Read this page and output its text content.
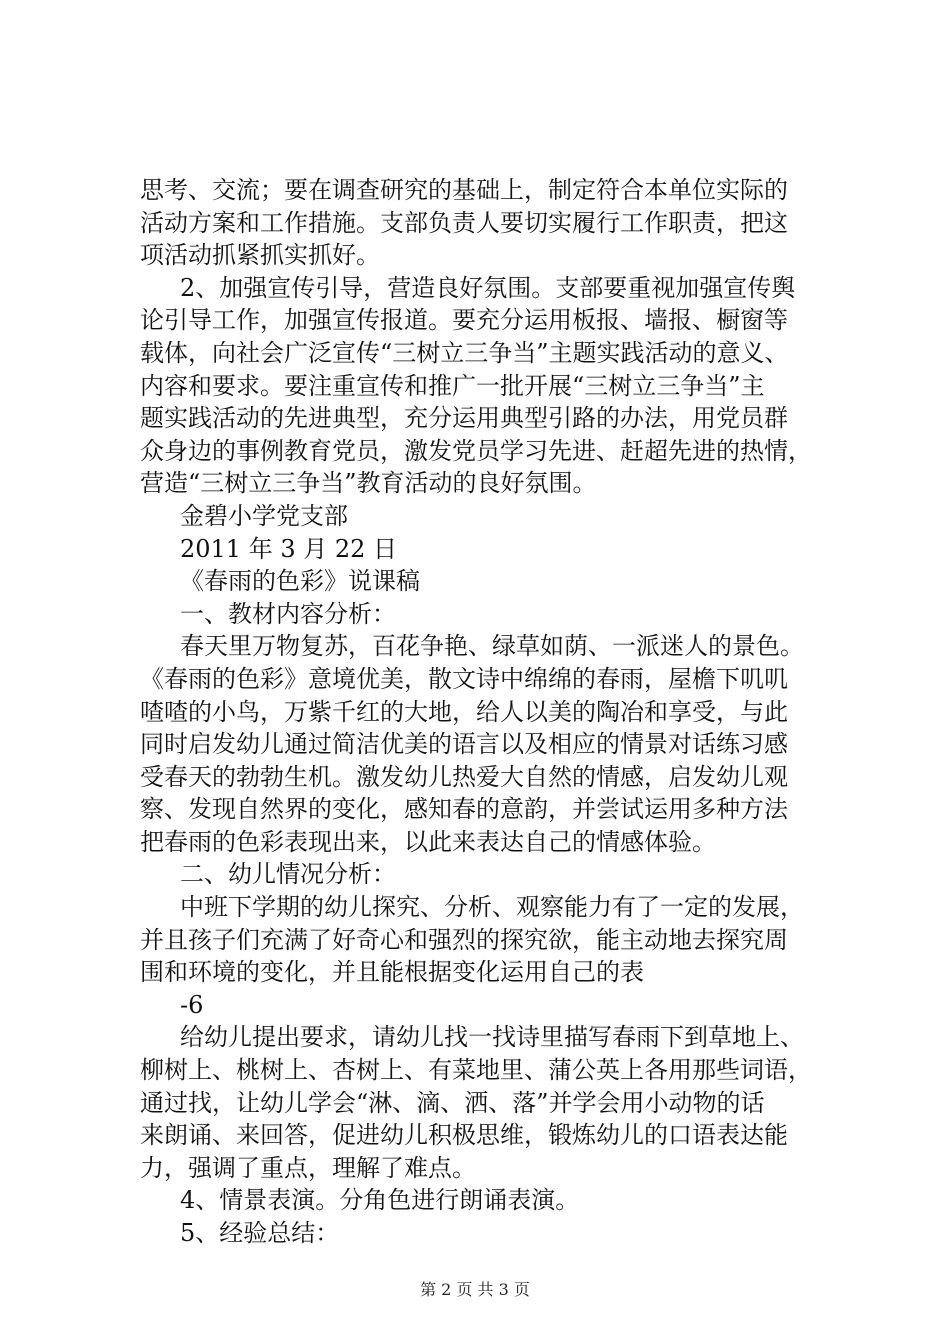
思考、交流；要在调查研究的基础上，制定符合本单位实际的
活动方案和工作措施。支部负责人要切实履行工作职责，把这
项活动抓紧抓实抓好。
2、加强宣传引导，营造良好氛围。支部要重视加强宣传舆
论引导工作，加强宣传报道。要充分运用板报、墙报、橱窗等
载体，向社会广泛宣传“三树立三争当”主题实践活动的意义、
内容和要求。要注重宣传和推广一批开展“三树立三争当”主
题实践活动的先进典型，充分运用典型引路的办法，用党员群
众身边的事例教育党员，激发党员学习先进、赶超先进的热情，
营造“三树立三争当”教育活动的良好氛围。
金碧小学党支部
2011 年 3 月 22 日
《春雨的色彩》说课稿
一、教材内容分析：
春天里万物复苏，百花争艳、绿草如荫、一派迷人的景色。
《春雨的色彩》意境优美，散文诗中绵绵的春雨，屋檐下叽叽
喳喳的小鸟，万紫千红的大地，给人以美的陶冶和享受，与此
同时启发幼儿通过简洁优美的语言以及相应的情景对话练习感
受春天的勃勃生机。激发幼儿热爱大自然的情感，启发幼儿观
察、发现自然界的变化，感知春的意韵，并尝试运用多种方法
把春雨的色彩表现出来，以此来表达自己的情感体验。
二、幼儿情况分析：
中班下学期的幼儿探究、分析、观察能力有了一定的发展，
并且孩子们充满了好奇心和强烈的探究欲，能主动地去探究周
围和环境的变化，并且能根据变化运用自己的表
-6
给幼儿提出要求，请幼儿找一找诗里描写春雨下到草地上、
柳树上、桃树上、杏树上、有菜地里、蒲公英上各用那些词语，
通过找，让幼儿学会“淋、滴、洒、落”并学会用小动物的话
来朗诵、来回答，促进幼儿积极思维，锻炼幼儿的口语表达能
力，强调了重点，理解了难点。
4、情景表演。分角色进行朗诵表演。
5、经验总结：
第 2 页 共 3 页
